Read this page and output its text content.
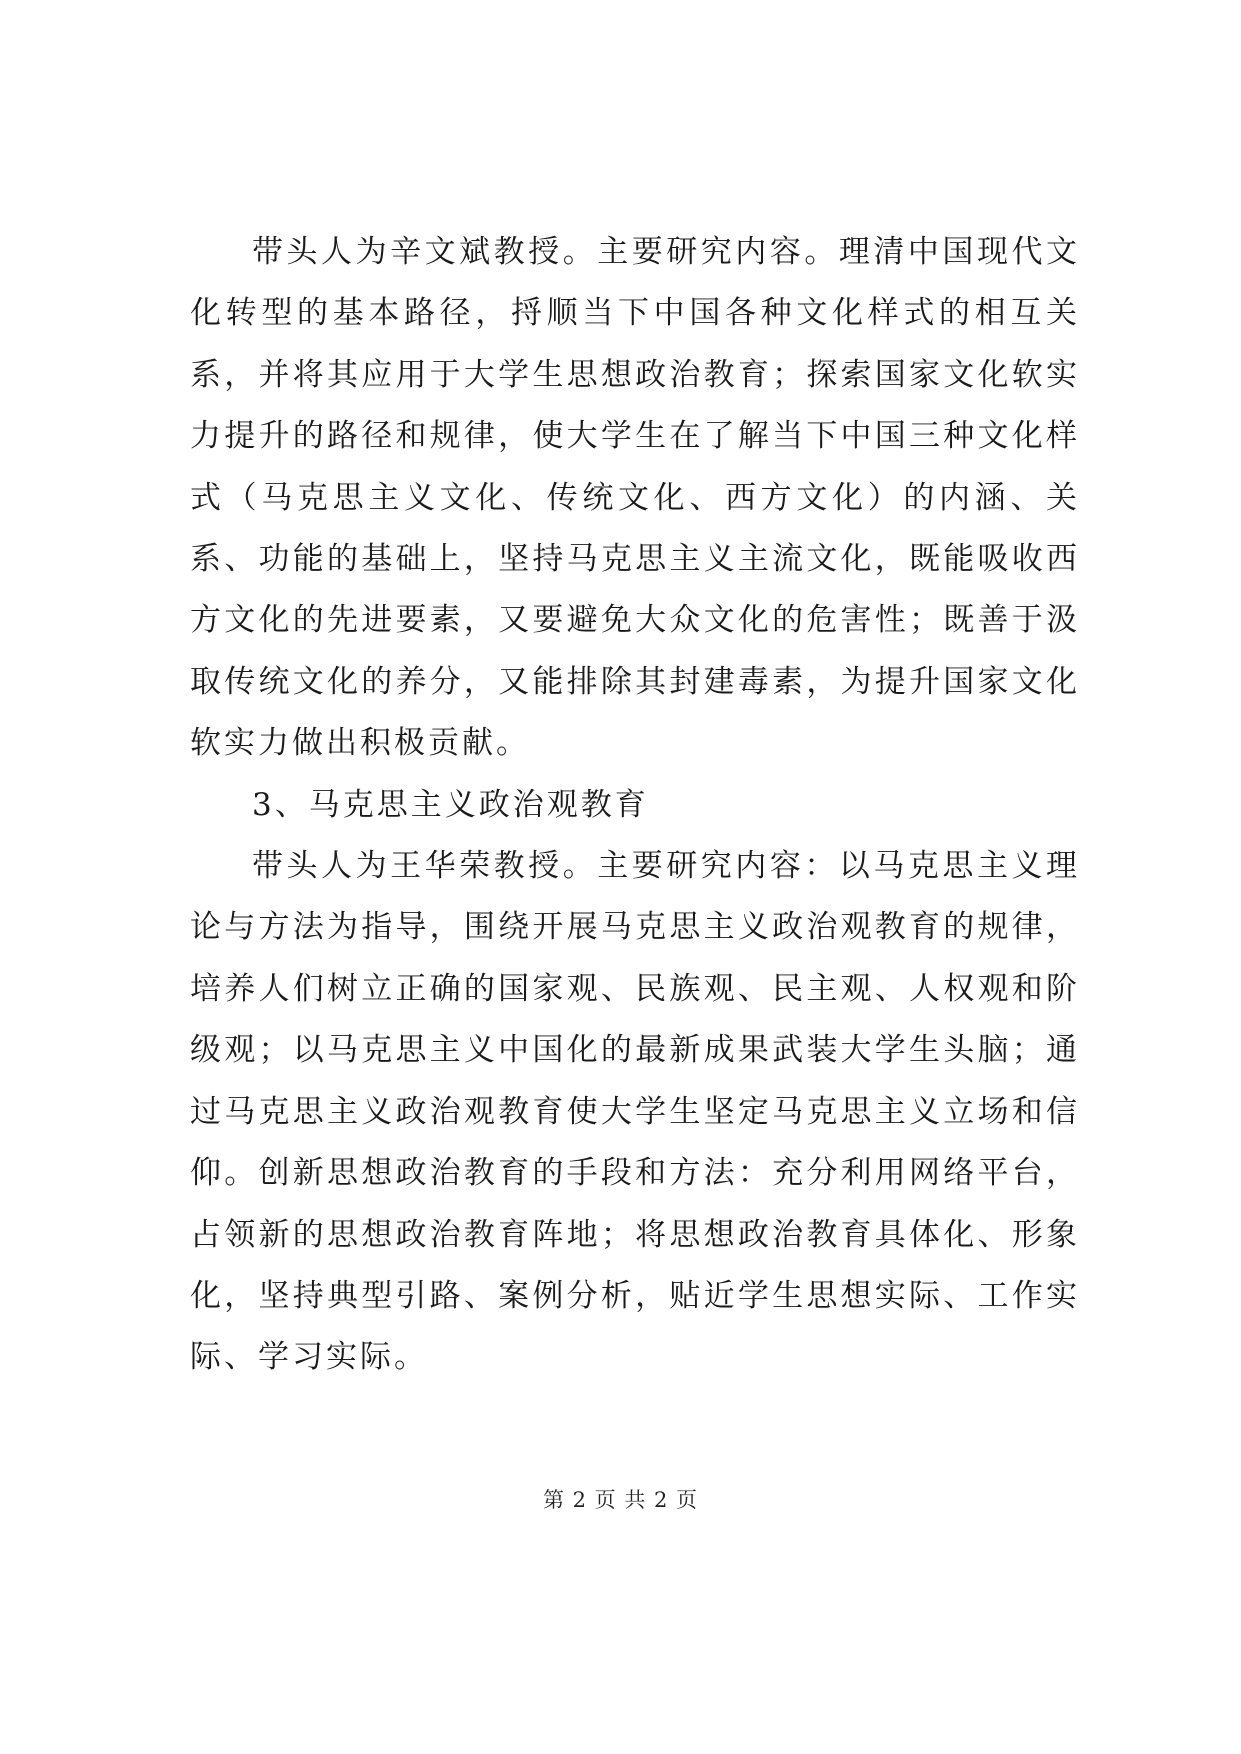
带头人为辛文斌教授。主要研究内容。理清中国现代文化转型的基本路径，捋顺当下中国各种文化样式的相互关系，并将其应用于大学生思想政治教育；探索国家文化软实力提升的路径和规律，使大学生在了解当下中国三种文化样式（马克思主义文化、传统文化、西方文化）的内涵、关系、功能的基础上，坚持马克思主义主流文化，既能吸收西方文化的先进要素，又要避免大众文化的危害性；既善于汲取传统文化的养分，又能排除其封建毒素，为提升国家文化软实力做出积极贡献。

3、马克思主义政治观教育

带头人为王华荣教授。主要研究内容：以马克思主义理论与方法为指导，围绕开展马克思主义政治观教育的规律，培养人们树立正确的国家观、民族观、民主观、人权观和阶级观；以马克思主义中国化的最新成果武装大学生头脑；通过马克思主义政治观教育使大学生坚定马克思主义立场和信仰。创新思想政治教育的手段和方法：充分利用网络平台，占领新的思想政治教育阵地；将思想政治教育具体化、形象化，坚持典型引路、案例分析，贴近学生思想实际、工作实际、学习实际。

第 2 页 共 2 页
